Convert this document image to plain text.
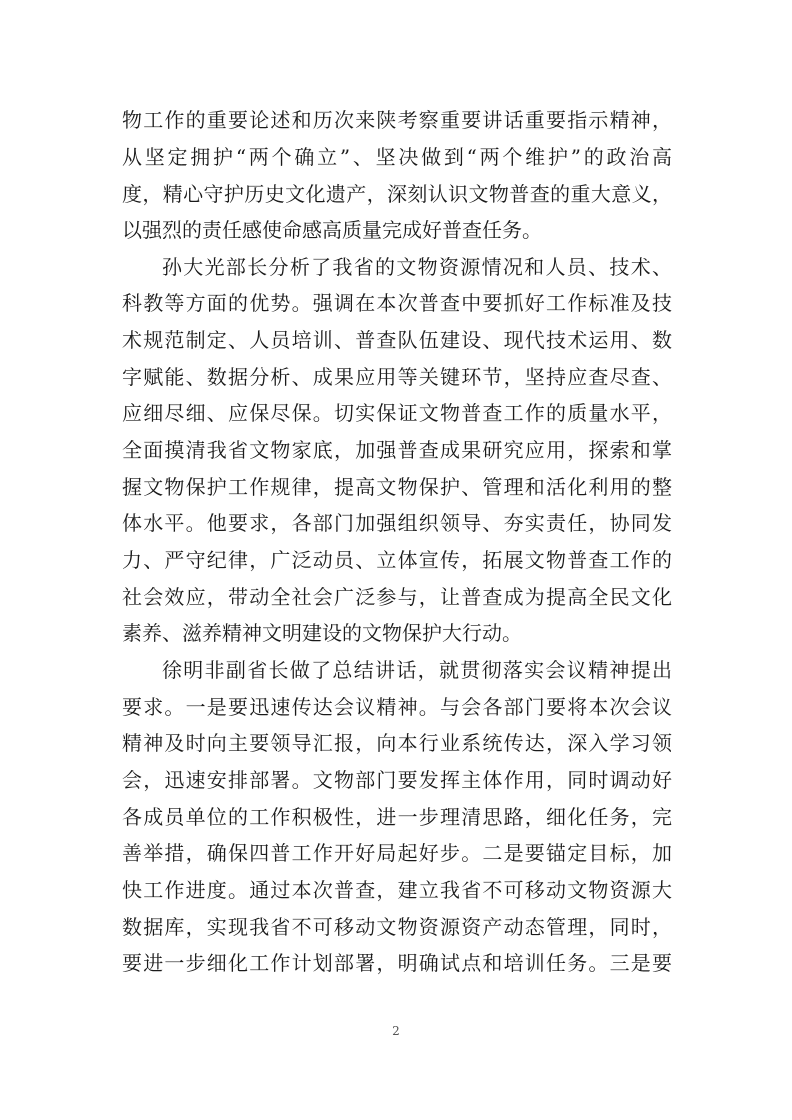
物工作的重要论述和历次来陕考察重要讲话重要指示精神，
从坚定拥护“两个确立”、坚决做到“两个维护”的政治高
度，精心守护历史文化遗产，深刻认识文物普查的重大意义，
以强烈的责任感使命感高质量完成好普查任务。
孙大光部长分析了我省的文物资源情况和人员、技术、
科教等方面的优势。强调在本次普查中要抓好工作标准及技
术规范制定、人员培训、普查队伍建设、现代技术运用、数
字赋能、数据分析、成果应用等关键环节，坚持应查尽查、
应细尽细、应保尽保。切实保证文物普查工作的质量水平，
全面摸清我省文物家底，加强普查成果研究应用，探索和掌
握文物保护工作规律，提高文物保护、管理和活化利用的整
体水平。他要求，各部门加强组织领导、夯实责任，协同发
力、严守纪律，广泛动员、立体宣传，拓展文物普查工作的
社会效应，带动全社会广泛参与，让普查成为提高全民文化
素养、滋养精神文明建设的文物保护大行动。
徐明非副省长做了总结讲话，就贯彻落实会议精神提出
要求。一是要迅速传达会议精神。与会各部门要将本次会议
精神及时向主要领导汇报，向本行业系统传达，深入学习领
会，迅速安排部署。文物部门要发挥主体作用，同时调动好
各成员单位的工作积极性，进一步理清思路，细化任务，完
善举措，确保四普工作开好局起好步。二是要锚定目标，加
快工作进度。通过本次普查，建立我省不可移动文物资源大
数据库，实现我省不可移动文物资源资产动态管理，同时，
要进一步细化工作计划部署，明确试点和培训任务。三是要
2
